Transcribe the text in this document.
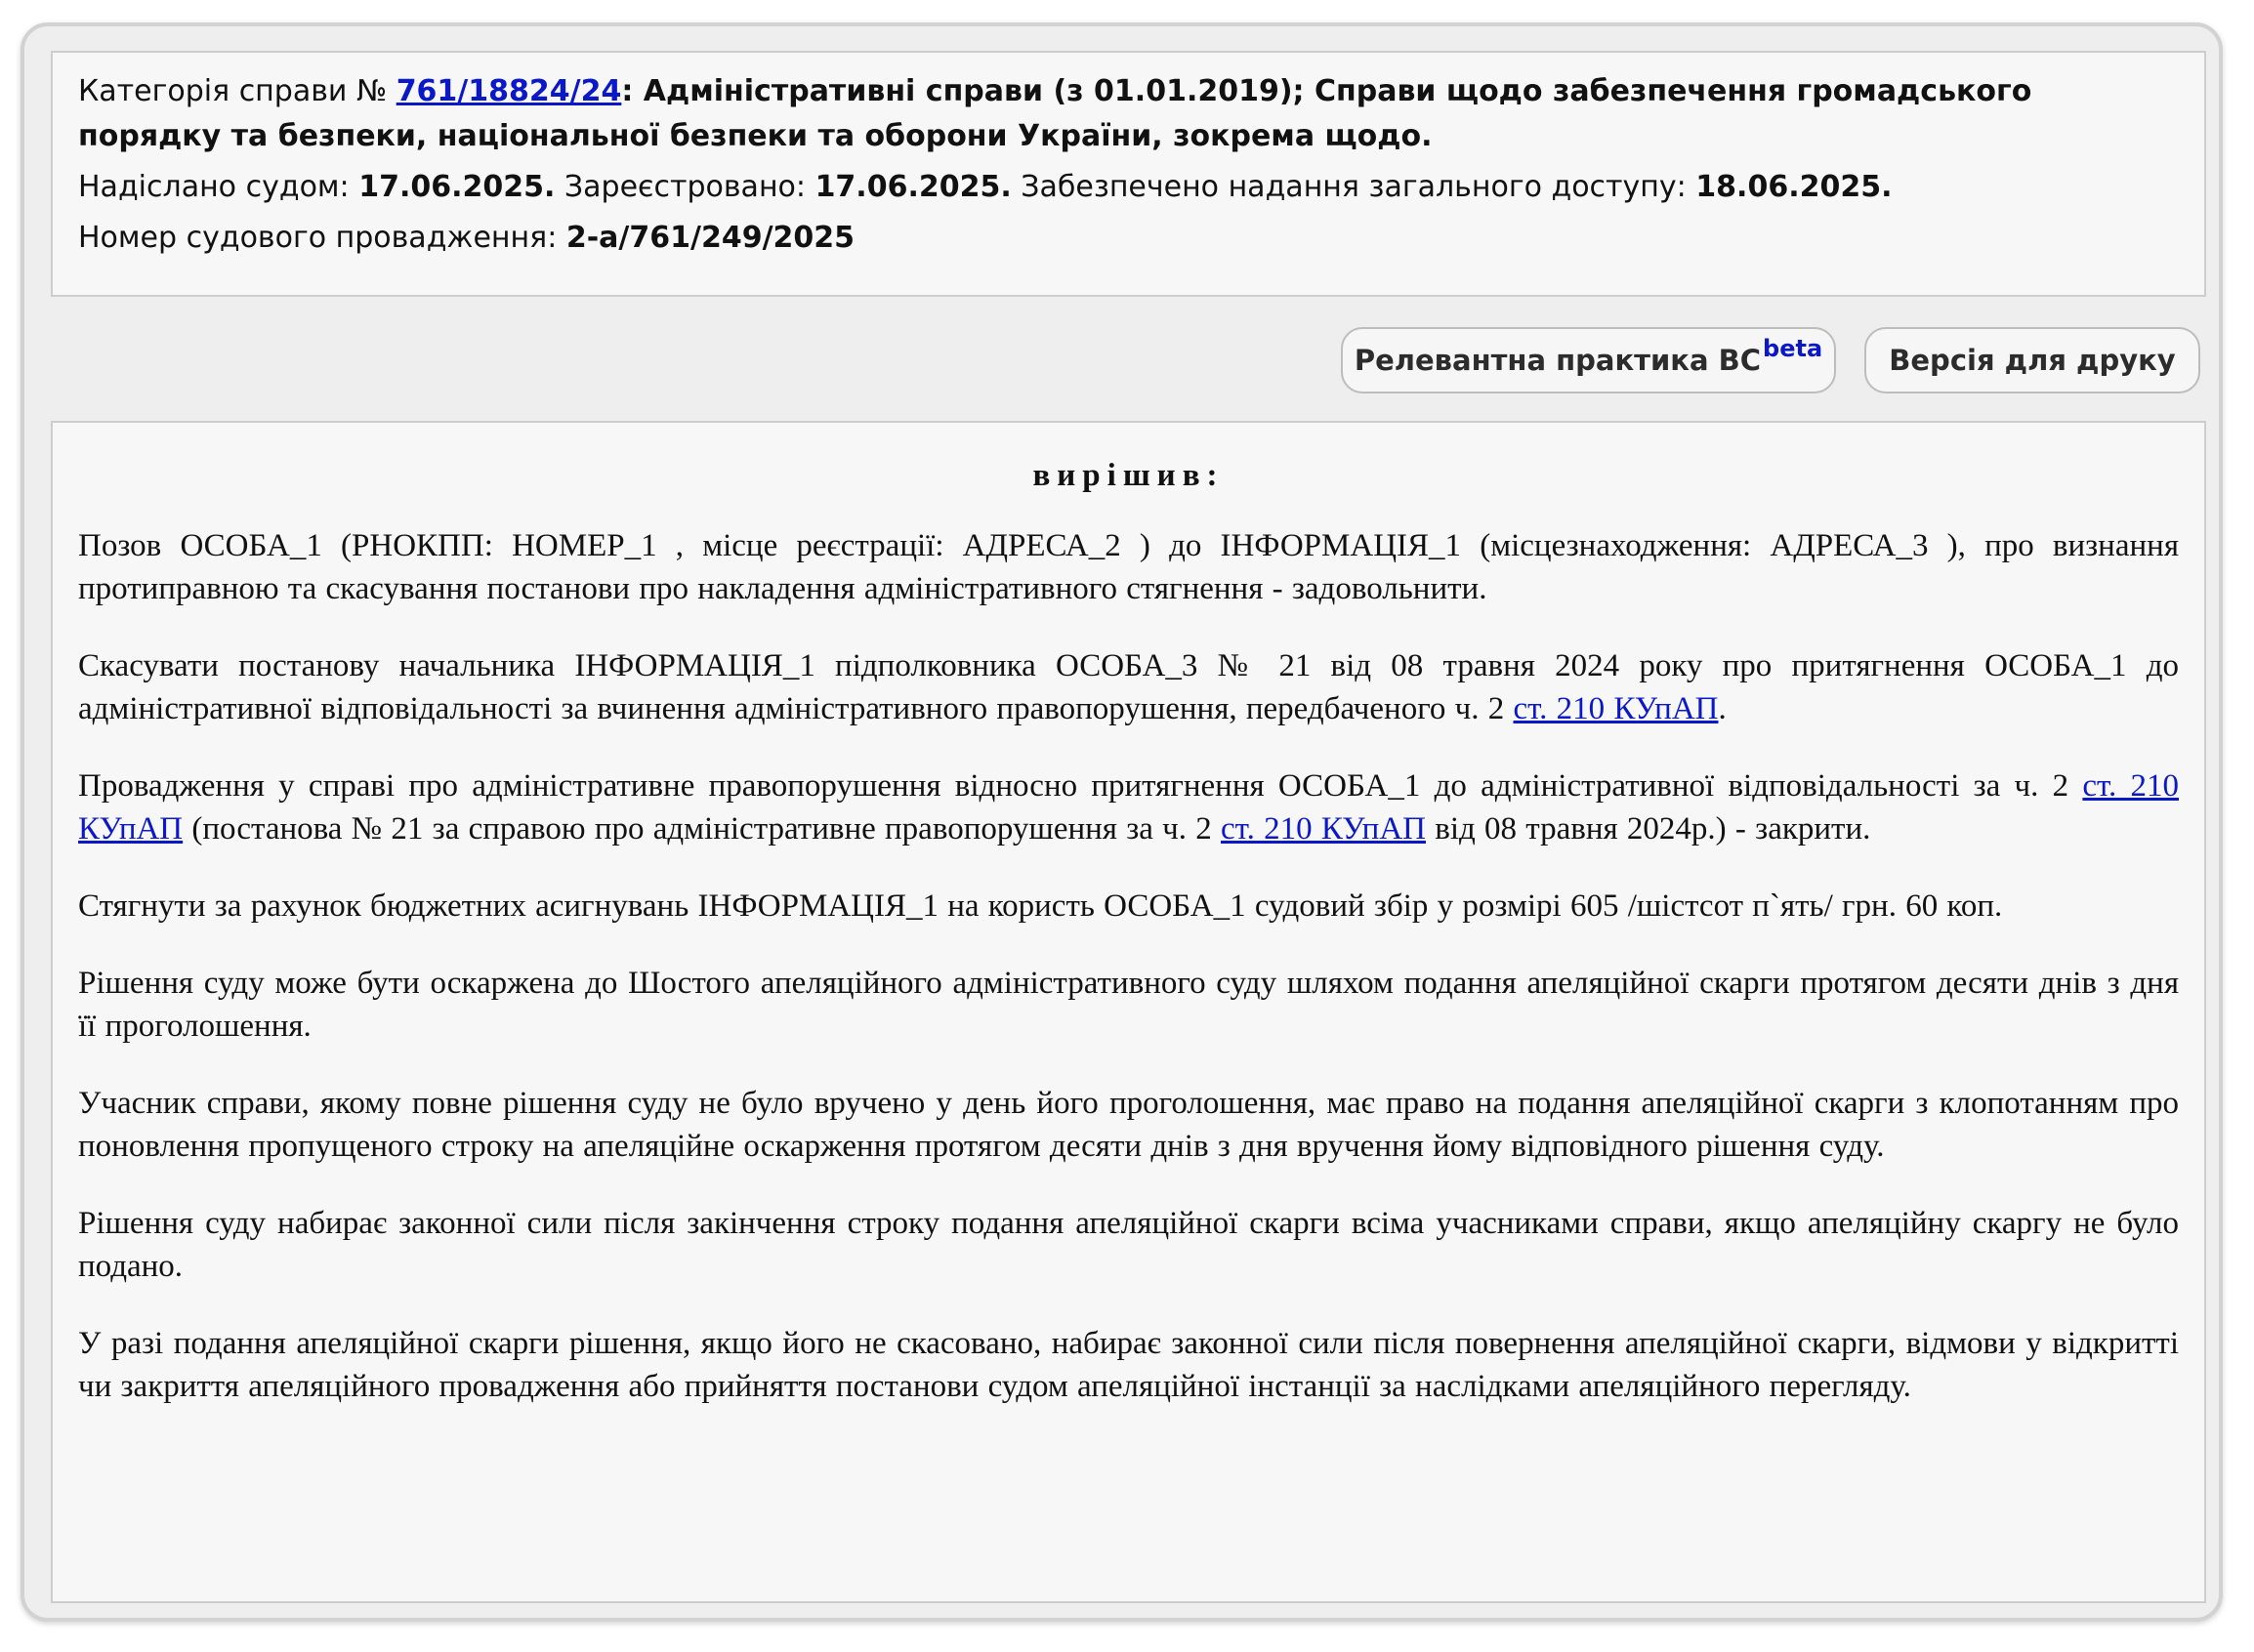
Категорія справи № 761/18824/24: Адміністративні справи (з 01.01.2019); Справи щодо забезпечення громадського порядку та безпеки, національної безпеки та оборони України, зокрема щодо.

Надіслано судом: 17.06.2025. Зареєстровано: 17.06.2025. Забезпечено надання загального доступу: 18.06.2025.

Номер судового провадження: 2-а/761/249/2025

Релевантна практика $ВС^{beta}$	Версія для друку

вирішив:

Позов ОСОБА_1 (РНОКПП: НОМЕР_1 , місце реєстрації: АДРЕСА_2 ) до ІНФОРМАЦІЯ_1 (місцезнаходження: АДРЕСА_3 ), про визнання протиправною та скасування постанови про накладення адміністративного стягнення - задовольнити.

Скасувати постанову начальника ІНФОРМАЦІЯ_1 підполковника ОСОБА_3 № 21 від 08 травня 2024 року про притягнення ОСОБА_1 до адміністративної відповідальності за вчинення адміністративного правопорушення, передбаченого ч. 2 ст. 210 КУпАП.

Провадження у справі про адміністративне правопорушення відносно притягнення ОСОБА_1 до адміністративної відповідальності за ч. 2 ст. 210 КУпАП (постанова № 21 за справою про адміністративне правопорушення за ч. 2 ст. 210 КУпАП від 08 травня 2024р.) - закрити.

Стягнути за рахунок бюджетних асигнувань ІНФОРМАЦІЯ_1 на користь ОСОБА_1 судовий збір у розмірі 605 /шістсот п`ять/ грн. 60 коп.

Рішення суду може бути оскаржена до Шостого апеляційного адміністративного суду шляхом подання апеляційної скарги протягом десяти днів з дня її проголошення.

Учасник справи, якому повне рішення суду не було вручено у день його проголошення, має право на подання апеляційної скарги з клопотанням про поновлення пропущеного строку на апеляційне оскарження протягом десяти днів з дня вручення йому відповідного рішення суду.

Рішення суду набирає законної сили після закінчення строку подання апеляційної скарги всіма учасниками справи, якщо апеляційну скаргу не було подано.

У разі подання апеляційної скарги рішення, якщо його не скасовано, набирає законної сили після повернення апеляційної скарги, відмови у відкритті чи закриття апеляційного провадження або прийняття постанови судом апеляційної інстанції за наслідками апеляційного перегляду.
